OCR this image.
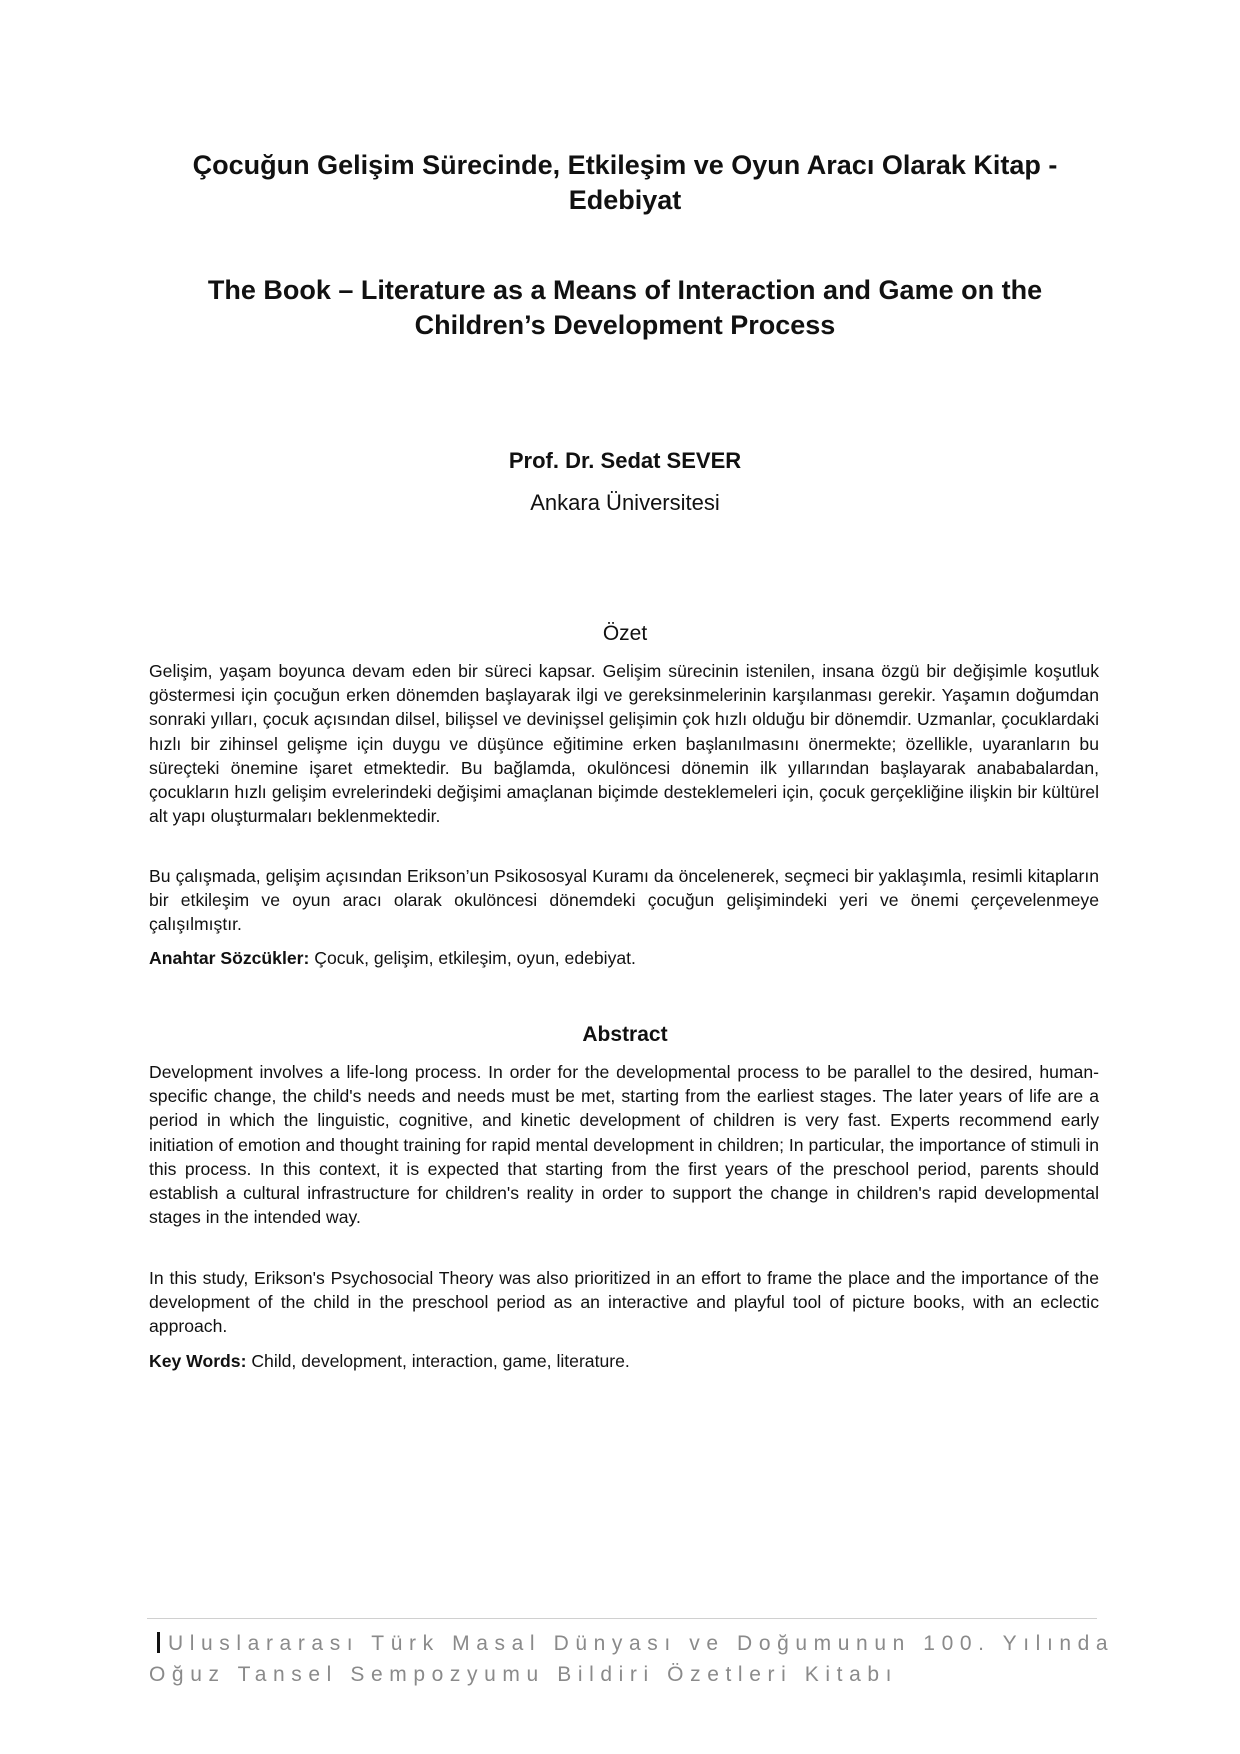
Çocuğun Gelişim Sürecinde, Etkileşim ve Oyun Aracı Olarak Kitap - Edebiyat
The Book – Literature as a Means of Interaction and Game on the Children’s Development Process
Prof. Dr. Sedat SEVER
Ankara Üniversitesi
Özet

Gelişim, yaşam boyunca devam eden bir süreci kapsar. Gelişim sürecinin istenilen, insana özgü bir değişimle koşutluk göstermesi için çocuğun erken dönemden başlayarak ilgi ve gereksinmelerinin karşılanması gerekir. Yaşamın doğumdan sonraki yılları, çocuk açısından dilsel, bilişsel ve devinişsel gelişimin çok hızlı olduğu bir dönemdir. Uzmanlar, çocuklardaki hızlı bir zihinsel gelişme için duygu ve düşünce eğitimine erken başlanılmasını önermekte; özellikle, uyaranların bu süreçteki önemine işaret etmektedir. Bu bağlamda, okulöncesi dönemin ilk yıllarından başlayarak anababalardan, çocukların hızlı gelişim evrelerindeki değişimi amaçlanan biçimde desteklemeleri için, çocuk gerçekliğine ilişkin bir kültürel alt yapı oluşturmaları beklenmektedir.

Bu çalışmada, gelişim açısından Erikson’un Psikososyal Kuramı da öncelenerek, seçmeci bir yaklaşımla, resimli kitapların bir etkileşim ve oyun aracı olarak okulöncesi dönemdeki çocuğun gelişimindeki yeri ve önemi çerçevelenmeye çalışılmıştır.

Anahtar Sözcükler: Çocuk, gelişim, etkileşim, oyun, edebiyat.

Abstract

Development involves a life-long process. In order for the developmental process to be parallel to the desired, human-specific change, the child's needs and needs must be met, starting from the earliest stages. The later years of life are a period in which the linguistic, cognitive, and kinetic development of children is very fast. Experts recommend early initiation of emotion and thought training for rapid mental development in children; In particular, the importance of stimuli in this process. In this context, it is expected that starting from the first years of the preschool period, parents should establish a cultural infrastructure for children's reality in order to support the change in children's rapid developmental stages in the intended way.

In this study, Erikson's Psychosocial Theory was also prioritized in an effort to frame the place and the importance of the development of the child in the preschool period as an interactive and playful tool of picture books, with an eclectic approach.

Key Words: Child, development, interaction, game, literature.

Uluslararası Türk Masal Dünyası ve Doğumunun 100. Yılında
Oğuz Tansel Sempozyumu Bildiri Özetleri Kitabı
